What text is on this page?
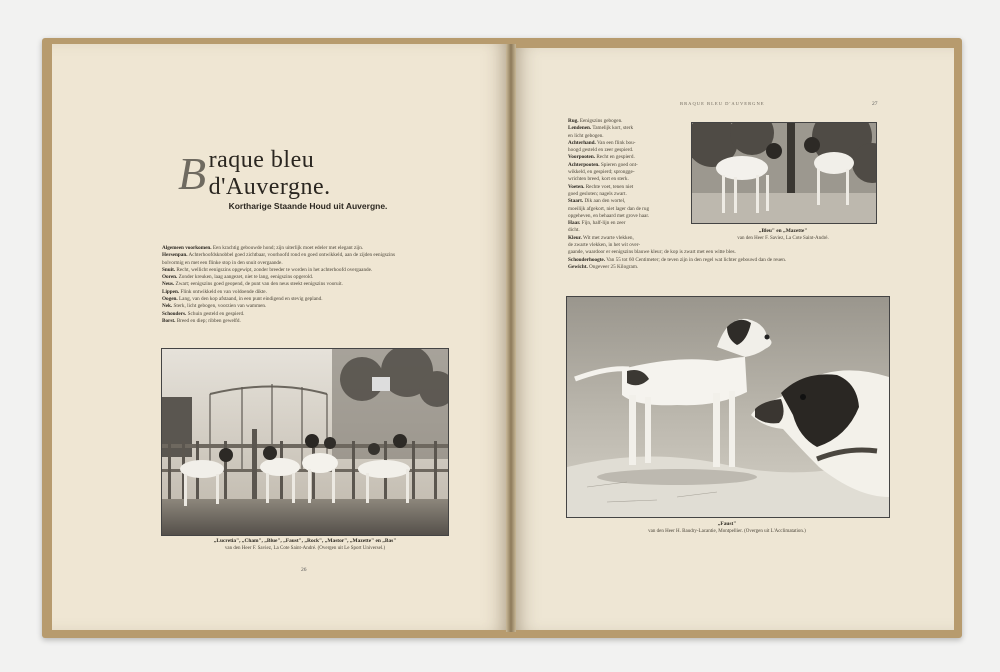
B raque bleu d'Auvergne.
Kortharige Staande Houd uit Auvergne.
Algemeen voorkomen. Een krachtig gebouwde hond; zijn uiterlijk moet edeler met elegant zijn.
Hersenpan. Achterhoofdsknobbel goed zichtbaar, voorhoofd rond en goed ontwikkeld, aan de zijden eenigszins
bolvormig en met een flinke stop in den snuit overgaande.
Snuit. Recht, wellicht eenigszins opgewipt, zonder breeder te worden in het achterhoofd overgaande.
Ooren. Zonder kreuken, laag aangezet, niet te lang, eenigszins opgerold.
Neus. Zwart; eenigszins goed geopend, de punt van den neus steekt eenigszins vooruit.
Lippen. Flink ontwikkeld en van voldoende dikte.
Oogen. Lang, van den kop afstaand, in een punt eindigend en stevig gepland.
Nek. Sterk, licht gebogen, voorzien van wammen.
Schouders. Schuin gesteld en gespierd.
Borst. Breed en diep; ribben gewelfd.
„Lucretia", „Cham", „Blue", „Faust", „Rock", „Mastor", „Mazette" en „Bas"
van den Heer F. Saviez, La Cote Saint-André. (Overgen uit Le Sport Universel.)
26
BRAQUE BLEU D'AUVERGNE	27
Rug. Eenigszins gebogen.
Lendenen. Tamelijk kort, sterk
en licht gebogen.
Achterhand. Van een flink bou-
hoogd gesteld en zeer gespierd.
Voorpooten. Recht en gespierd.
Achterpooten. Spieren goed ont-
wikkeld, en gespierd; sprongge-
wrichten breed, kort en sterk.
Voeten. Rechte voet, tenen niet
goed gesloten; nagels zwart.
Staart. Dik aan den wortel,
moeilijk afgekort, niet lager dan de rug
opgeheven, en behaard met grove haar.
Haar. Fijn, half-lijn en zeer
dicht.
Kleur. Wit met zwarte vlekken,
de zwarte vlekken, in het wit over-
gaande, waardoor er eenigszins blauwe kleur; de kop is zwart met een witte bles.
Schouderhoogte. Van 55 tot 60 Centimeter; de teven zijn in den regel wat lichter gebouwd dan de reuen.
Gewicht. Ongeveer 25 Kilogram.
„Bleu" en „Mazette"
van den Heer F. Saviez, La Cote Saint-André.
„Faust"
van den Heer H. Baudry-Lacantie, Montpellier. (Overgen uit L'Acclimatation.)
